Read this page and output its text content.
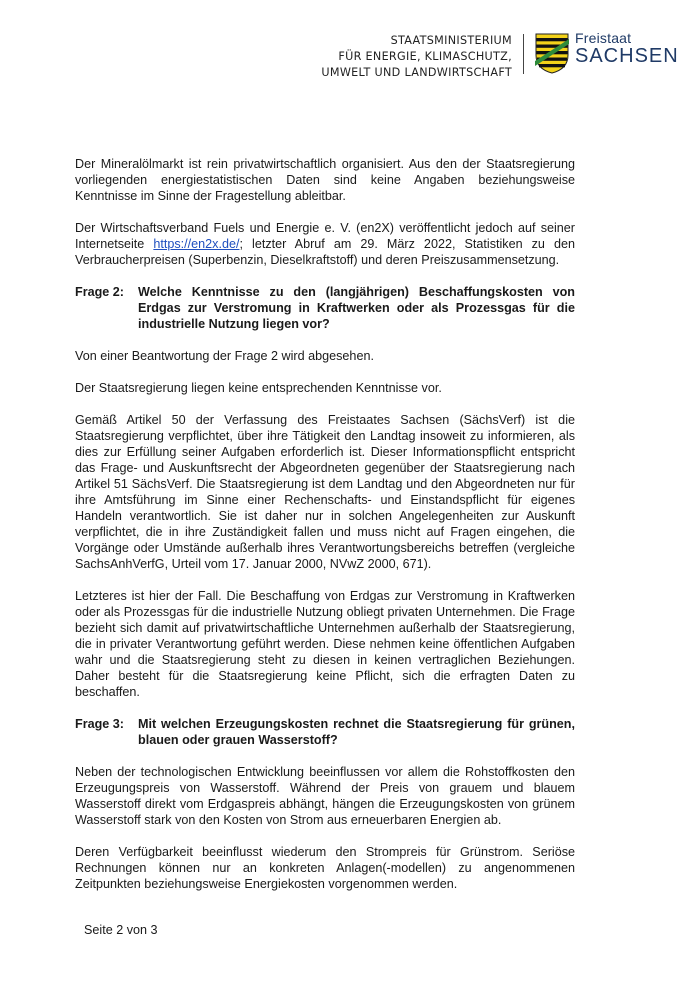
STAATSMINISTERIUM
FÜR ENERGIE, KLIMASCHUTZ,
UMWELT UND LANDWIRTSCHAFT
Freistaat
SACHSEN

Der Mineralölmarkt ist rein privatwirtschaftlich organisiert. Aus den der Staatsregierung vorliegenden energiestatistischen Daten sind keine Angaben beziehungsweise Kenntnisse im Sinne der Fragestellung ableitbar.

Der Wirtschaftsverband Fuels und Energie e. V. (en2X) veröffentlicht jedoch auf seiner Internetseite https://en2x.de/; letzter Abruf am 29. März 2022, Statistiken zu den Verbraucherpreisen (Superbenzin, Dieselkraftstoff) und deren Preiszusammensetzung.

Frage 2:	Welche Kenntnisse zu den (langjährigen) Beschaffungskosten von Erdgas zur Verstromung in Kraftwerken oder als Prozessgas für die industrielle Nutzung liegen vor?

Von einer Beantwortung der Frage 2 wird abgesehen.

Der Staatsregierung liegen keine entsprechenden Kenntnisse vor.

Gemäß Artikel 50 der Verfassung des Freistaates Sachsen (SächsVerf) ist die Staatsregierung verpflichtet, über ihre Tätigkeit den Landtag insoweit zu informieren, als dies zur Erfüllung seiner Aufgaben erforderlich ist. Dieser Informationspflicht entspricht das Frage- und Auskunftsrecht der Abgeordneten gegenüber der Staatsregierung nach Artikel 51 SächsVerf. Die Staatsregierung ist dem Landtag und den Abgeordneten nur für ihre Amtsführung im Sinne einer Rechenschafts- und Einstandspflicht für eigenes Handeln verantwortlich. Sie ist daher nur in solchen Angelegenheiten zur Auskunft verpflichtet, die in ihre Zuständigkeit fallen und muss nicht auf Fragen eingehen, die Vorgänge oder Umstände außerhalb ihres Verantwortungsbereichs betreffen (vergleiche SachsAnhVerfG, Urteil vom 17. Januar 2000, NVwZ 2000, 671).

Letzteres ist hier der Fall. Die Beschaffung von Erdgas zur Verstromung in Kraftwerken oder als Prozessgas für die industrielle Nutzung obliegt privaten Unternehmen. Die Frage bezieht sich damit auf privatwirtschaftliche Unternehmen außerhalb der Staatsregierung, die in privater Verantwortung geführt werden. Diese nehmen keine öffentlichen Aufgaben wahr und die Staatsregierung steht zu diesen in keinen vertraglichen Beziehungen. Daher besteht für die Staatsregierung keine Pflicht, sich die erfragten Daten zu beschaffen.

Frage 3:	Mit welchen Erzeugungskosten rechnet die Staatsregierung für grünen, blauen oder grauen Wasserstoff?

Neben der technologischen Entwicklung beeinflussen vor allem die Rohstoffkosten den Erzeugungspreis von Wasserstoff. Während der Preis von grauem und blauem Wasserstoff direkt vom Erdgaspreis abhängt, hängen die Erzeugungskosten von grünem Wasserstoff stark von den Kosten von Strom aus erneuerbaren Energien ab.

Deren Verfügbarkeit beeinflusst wiederum den Strompreis für Grünstrom. Seriöse Rechnungen können nur an konkreten Anlagen(-modellen) zu angenommenen Zeitpunkten beziehungsweise Energiekosten vorgenommen werden.

Seite 2 von 3
